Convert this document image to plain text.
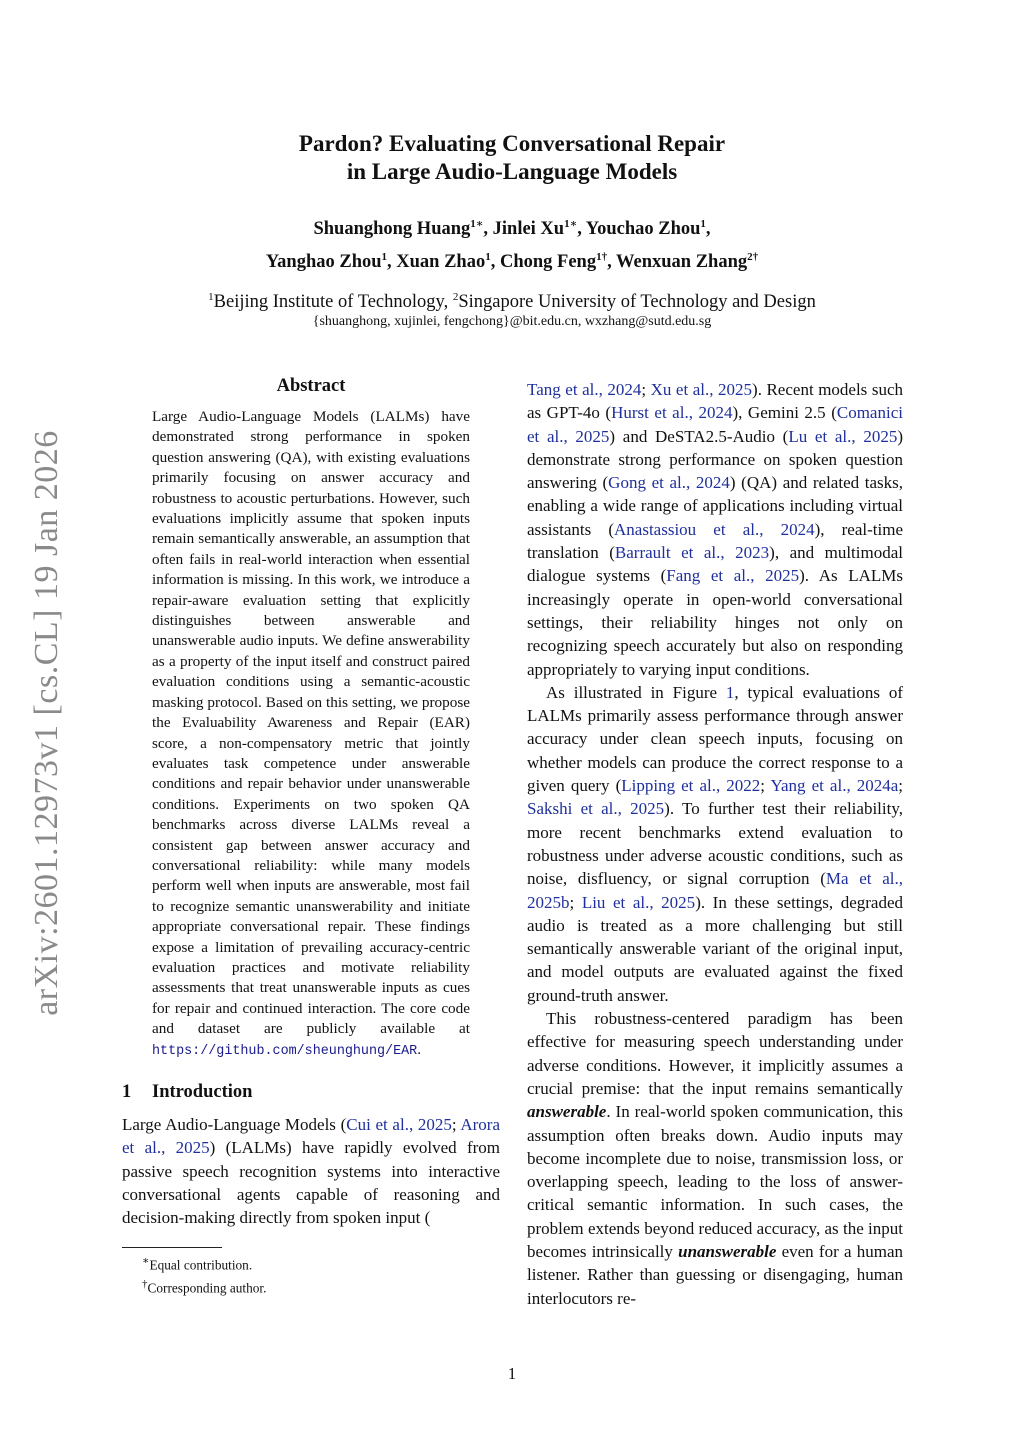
arXiv:2601.12973v1 [cs.CL] 19 Jan 2026
Pardon? Evaluating Conversational Repair
in Large Audio-Language Models
Shuanghong Huang$^{1∗}$, Jinlei $Xu^{1∗}$, Youchao Zhou$^1$,
Yanghao Zhou$^1$, Xuan Zhao$^1$, Chong Feng$^{1\dagger}$, Wenxuan Zhang$^{2\dagger}$
$^1$Beijing Institute of Technology, $^2$Singapore University of Technology and Design
{shuanghong, xujinlei, fengchong}@bit.edu.cn, wxzhang@sutd.edu.sg
Abstract

Large Audio-Language Models (LALMs) have demonstrated strong performance in spoken question answering (QA), with existing evaluations primarily focusing on answer accuracy and robustness to acoustic perturbations. However, such evaluations implicitly assume that spoken inputs remain semantically answerable, an assumption that often fails in real-world interaction when essential information is missing. In this work, we introduce a repair-aware evaluation setting that explicitly distinguishes between answerable and unanswerable audio inputs. We define answerability as a property of the input itself and construct paired evaluation conditions using a semantic-acoustic masking protocol. Based on this setting, we propose the Evaluability Awareness and Repair (EAR) score, a non-compensatory metric that jointly evaluates task competence under answerable conditions and repair behavior under unanswerable conditions. Experiments on two spoken QA benchmarks across diverse LALMs reveal a consistent gap between answer accuracy and conversational reliability: while many models perform well when inputs are answerable, most fail to recognize semantic unanswerability and initiate appropriate conversational repair. These findings expose a limitation of prevailing accuracy-centric evaluation practices and motivate reliability assessments that treat unanswerable inputs as cues for repair and continued interaction. The core code and dataset are publicly available at https://github.com/sheunghung/EAR.

1 Introduction

Large Audio-Language Models (Cui et al., 2025; Arora et al., 2025) (LALMs) have rapidly evolved from passive speech recognition systems into interactive conversational agents capable of reasoning and decision-making directly from spoken input (

∗Equal contribution.
†Corresponding author.

Tang et al., 2024; Xu et al., 2025). Recent models such as GPT-4o (Hurst et al., 2024), Gemini 2.5 (Comanici et al., 2025) and DeSTA2.5-Audio (Lu et al., 2025) demonstrate strong performance on spoken question answering (Gong et al., 2024) (QA) and related tasks, enabling a wide range of applications including virtual assistants (Anastassiou et al., 2024), real-time translation (Barrault et al., 2023), and multimodal dialogue systems (Fang et al., 2025). As LALMs increasingly operate in open-world conversational settings, their reliability hinges not only on recognizing speech accurately but also on responding appropriately to varying input conditions.

As illustrated in Figure 1, typical evaluations of LALMs primarily assess performance through answer accuracy under clean speech inputs, focusing on whether models can produce the correct response to a given query (Lipping et al., 2022; Yang et al., 2024a; Sakshi et al., 2025). To further test their reliability, more recent benchmarks extend evaluation to robustness under adverse acoustic conditions, such as noise, disfluency, or signal corruption (Ma et al., 2025b; Liu et al., 2025). In these settings, degraded audio is treated as a more challenging but still semantically answerable variant of the original input, and model outputs are evaluated against the fixed ground-truth answer.

This robustness-centered paradigm has been effective for measuring speech understanding under adverse conditions. However, it implicitly assumes a crucial premise: that the input remains semantically answerable. In real-world spoken communication, this assumption often breaks down. Audio inputs may become incomplete due to noise, transmission loss, or overlapping speech, leading to the loss of answer-critical semantic information. In such cases, the problem extends beyond reduced accuracy, as the input becomes intrinsically unanswerable even for a human listener. Rather than guessing or disengaging, human interlocutors re-

1
